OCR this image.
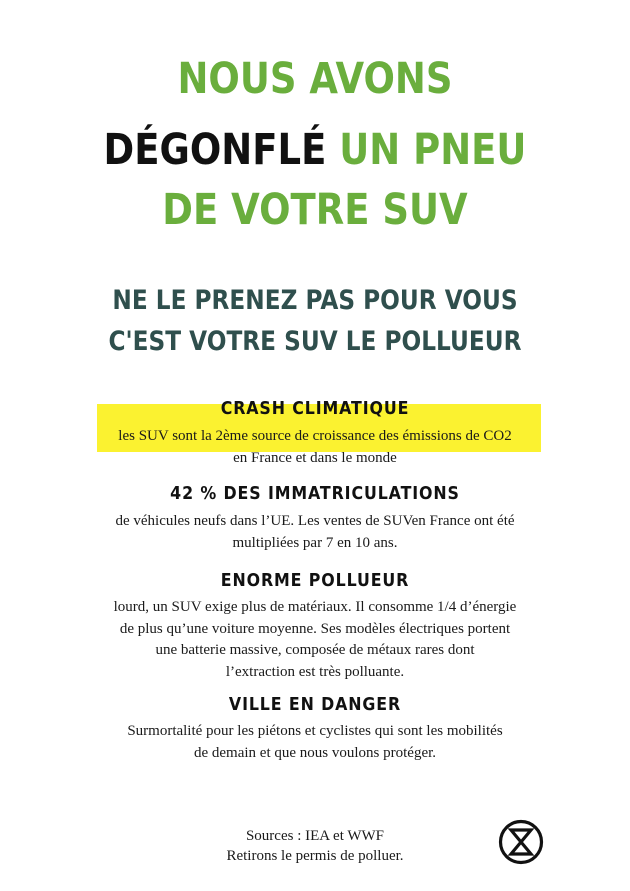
NOUS AVONS
DÉGONFLÉ UN PNEU
DE VOTRE SUV
NE LE PRENEZ PAS POUR VOUS
C'EST VOTRE SUV LE POLLUEUR
CRASH CLIMATIQUE
les SUV sont la 2ème source de croissance des émissions de CO2
en France et dans le monde
42 % DES IMMATRICULATIONS
de véhicules neufs dans l’UE. Les ventes de SUVen France ont été
multipliées par 7 en 10 ans.
ENORME POLLUEUR
lourd, un SUV exige plus de matériaux. Il consomme 1/4 d’énergie
de plus qu’une voiture moyenne. Ses modèles électriques portent
une batterie massive, composée de métaux rares dont
l’extraction est très polluante.
VILLE EN DANGER
Surmortalité pour les piétons et cyclistes qui sont les mobilités
de demain et que nous voulons protéger.
Sources : IEA et WWF
Retirons le permis de polluer.
